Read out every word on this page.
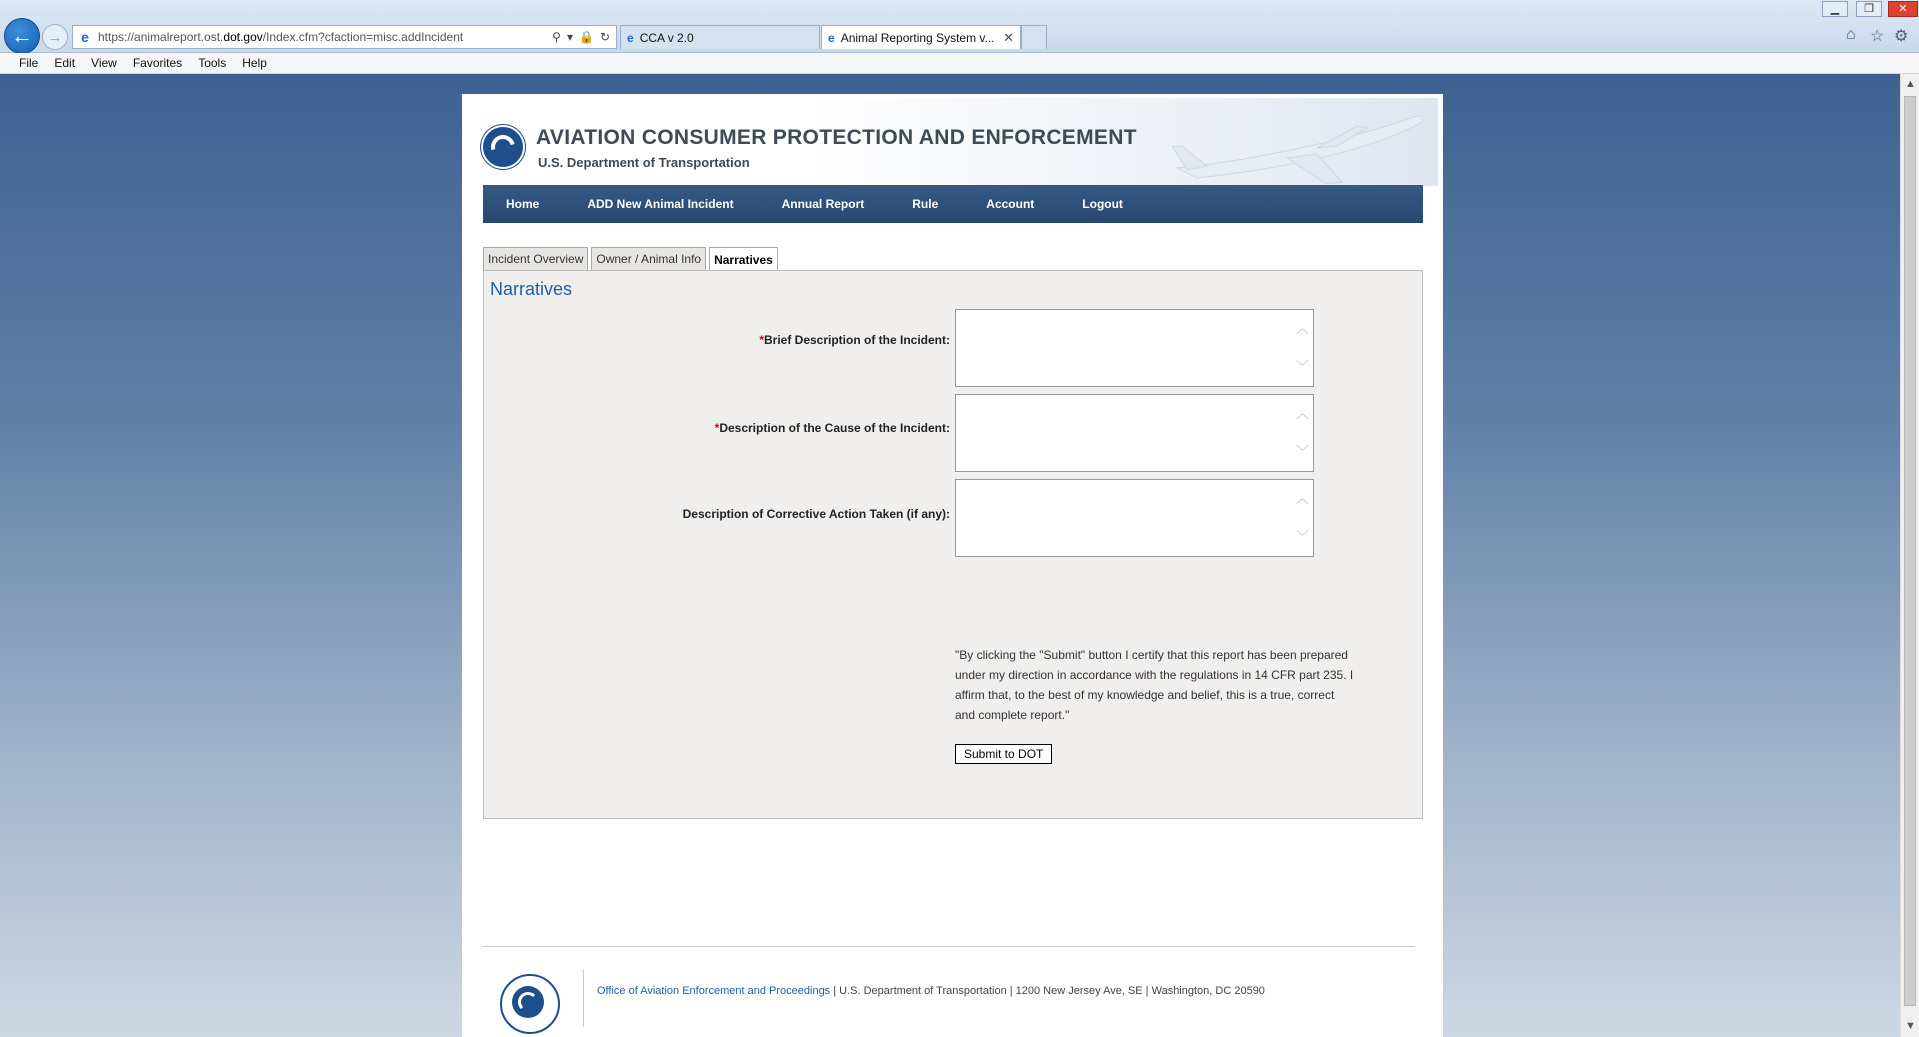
← → e https://animalreport.ost.dot.gov/Index.cfm?cfaction=misc.addIncident	⚲ ▾ 🔒 ↻ e CCA v 2.0	e Animal Reporting System v... ✕
▁	❐	✕
⌂ ☆ ⚙
File Edit View Favorites Tools Help
▲
▼
AVIATION CONSUMER PROTECTION AND ENFORCEMENT
U.S. Department of Transportation
Home	ADD New Animal Incident	Annual Report	Rule	Account	Logout
Incident Overview	Owner / Animal Info	Narratives
Narratives
*Brief Description of the Incident:
︿
﹀
*Description of the Cause of the Incident:
︿
﹀
Description of Corrective Action Taken (if any):
︿
﹀
"By clicking the "Submit" button I certify that this report has been prepared under my direction in accordance with the regulations in 14 CFR part 235. I affirm that, to the best of my knowledge and belief, this is a true, correct and complete report."
Submit to DOT
Office of Aviation Enforcement and Proceedings | U.S. Department of Transportation | 1200 New Jersey Ave, SE | Washington, DC 20590
